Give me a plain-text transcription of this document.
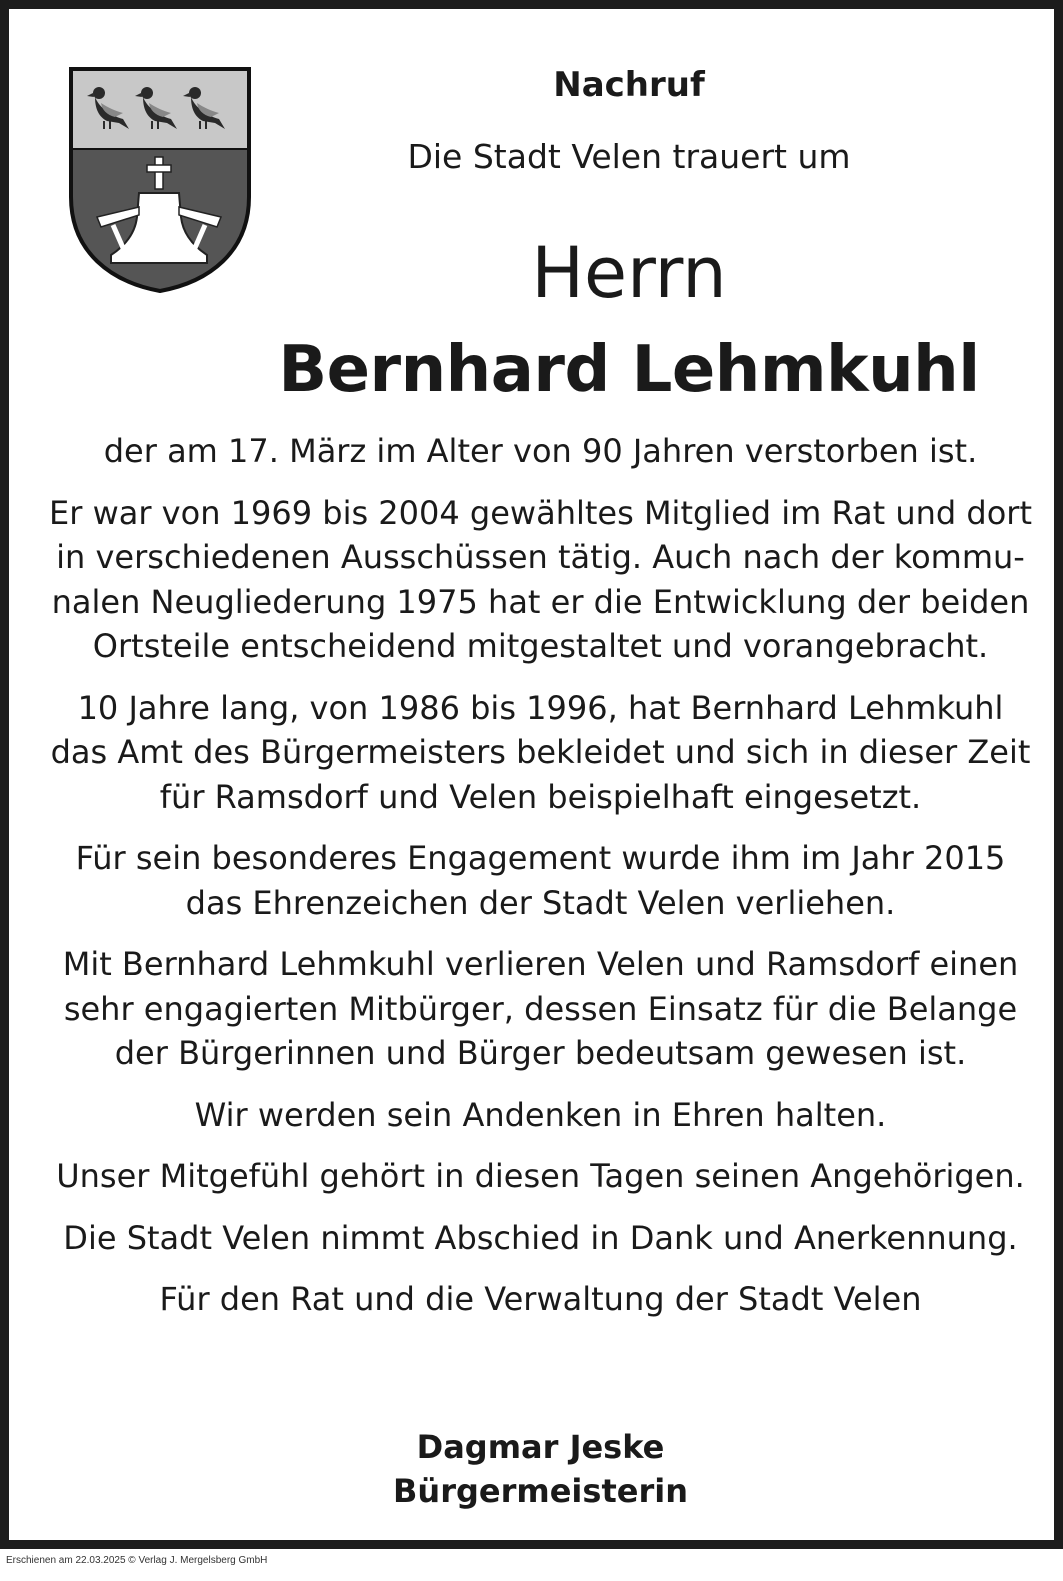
Nachruf

Die Stadt Velen trauert um

Herrn

Bernhard Lehmkuhl

der am 17. März im Alter von 90 Jahren verstorben ist.

Er war von 1969 bis 2004 gewähltes Mitglied im Rat und dort
in verschiedenen Ausschüssen tätig. Auch nach der kommu-
nalen Neugliederung 1975 hat er die Entwicklung der beiden
Ortsteile entscheidend mitgestaltet und vorangebracht.

10 Jahre lang, von 1986 bis 1996, hat Bernhard Lehmkuhl
das Amt des Bürgermeisters bekleidet und sich in dieser Zeit
für Ramsdorf und Velen beispielhaft eingesetzt.

Für sein besonderes Engagement wurde ihm im Jahr 2015
das Ehrenzeichen der Stadt Velen verliehen.

Mit Bernhard Lehmkuhl verlieren Velen und Ramsdorf einen
sehr engagierten Mitbürger, dessen Einsatz für die Belange
der Bürgerinnen und Bürger bedeutsam gewesen ist.

Wir werden sein Andenken in Ehren halten.

Unser Mitgefühl gehört in diesen Tagen seinen Angehörigen.

Die Stadt Velen nimmt Abschied in Dank und Anerkennung.

Für den Rat und die Verwaltung der Stadt Velen

Dagmar Jeske

Bürgermeisterin

Erschienen am 22.03.2025 © Verlag J. Mergelsberg GmbH
